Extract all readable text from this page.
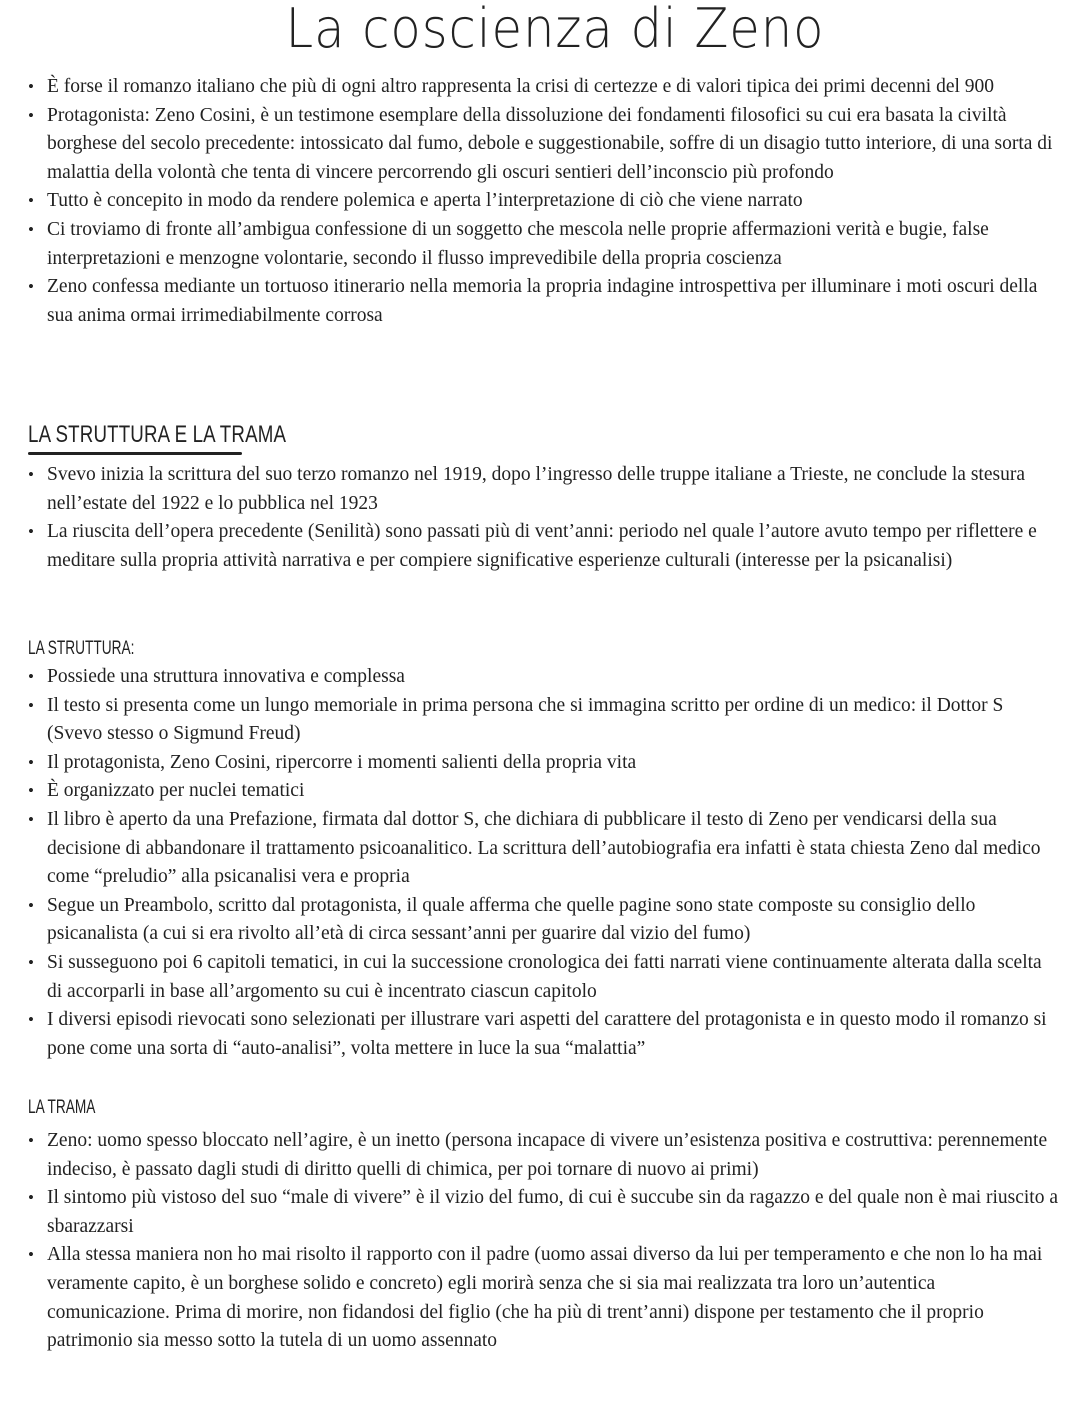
La coscienza di Zeno
• È forse il romanzo italiano che più di ogni altro rappresenta la crisi di certezze e di valori tipica dei primi decenni del 900
• Protagonista: Zeno Cosini, è un testimone esemplare della dissoluzione dei fondamenti filosofici su cui era basata la civiltà borghese del secolo precedente: intossicato dal fumo, debole e suggestionabile, soffre di un disagio tutto interiore, di una sorta di malattia della volontà che tenta di vincere percorrendo gli oscuri sentieri dell’inconscio più profondo
• Tutto è concepito in modo da rendere polemica e aperta l’interpretazione di ciò che viene narrato
• Ci troviamo di fronte all’ambigua confessione di un soggetto che mescola nelle proprie affermazioni verità e bugie, false interpretazioni e menzogne volontarie, secondo il flusso imprevedibile della propria coscienza
• Zeno confessa mediante un tortuoso itinerario nella memoria la propria indagine introspettiva per illuminare i moti oscuri della sua anima ormai irrimediabilmente corrosa
LA STRUTTURA E LA TRAMA
• Svevo inizia la scrittura del suo terzo romanzo nel 1919, dopo l’ingresso delle truppe italiane a Trieste, ne conclude la stesura nell’estate del 1922 e lo pubblica nel 1923
• La riuscita dell’opera precedente (Senilità) sono passati più di vent’anni: periodo nel quale l’autore avuto tempo per riflettere e meditare sulla propria attività narrativa e per compiere significative esperienze culturali (interesse per la psicanalisi)
LA STRUTTURA:
• Possiede una struttura innovativa e complessa
• Il testo si presenta come un lungo memoriale in prima persona che si immagina scritto per ordine di un medico: il Dottor S (Svevo stesso o Sigmund Freud)
• Il protagonista, Zeno Cosini, ripercorre i momenti salienti della propria vita
• È organizzato per nuclei tematici
• Il libro è aperto da una Prefazione, firmata dal dottor S, che dichiara di pubblicare il testo di Zeno per vendicarsi della sua decisione di abbandonare il trattamento psicoanalitico. La scrittura dell’autobiografia era infatti è stata chiesta Zeno dal medico come “preludio” alla psicanalisi vera e propria
• Segue un Preambolo, scritto dal protagonista, il quale afferma che quelle pagine sono state composte su consiglio dello psicanalista (a cui si era rivolto all’età di circa sessant’anni per guarire dal vizio del fumo)
• Si susseguono poi 6 capitoli tematici, in cui la successione cronologica dei fatti narrati viene continuamente alterata dalla scelta di accorparli in base all’argomento su cui è incentrato ciascun capitolo
• I diversi episodi rievocati sono selezionati per illustrare vari aspetti del carattere del protagonista e in questo modo il romanzo si pone come una sorta di “auto-analisi”, volta mettere in luce la sua “malattia”
LA TRAMA
• Zeno: uomo spesso bloccato nell’agire, è un inetto (persona incapace di vivere un’esistenza positiva e costruttiva: perennemente indeciso, è passato dagli studi di diritto quelli di chimica, per poi tornare di nuovo ai primi)
• Il sintomo più vistoso del suo “male di vivere” è il vizio del fumo, di cui è succube sin da ragazzo e del quale non è mai riuscito a sbarazzarsi
• Alla stessa maniera non ho mai risolto il rapporto con il padre (uomo assai diverso da lui per temperamento e che non lo ha mai veramente capito, è un borghese solido e concreto) egli morirà senza che si sia mai realizzata tra loro un’autentica comunicazione. Prima di morire, non fidandosi del figlio (che ha più di trent’anni) dispone per testamento che il proprio patrimonio sia messo sotto la tutela di un uomo assennato
